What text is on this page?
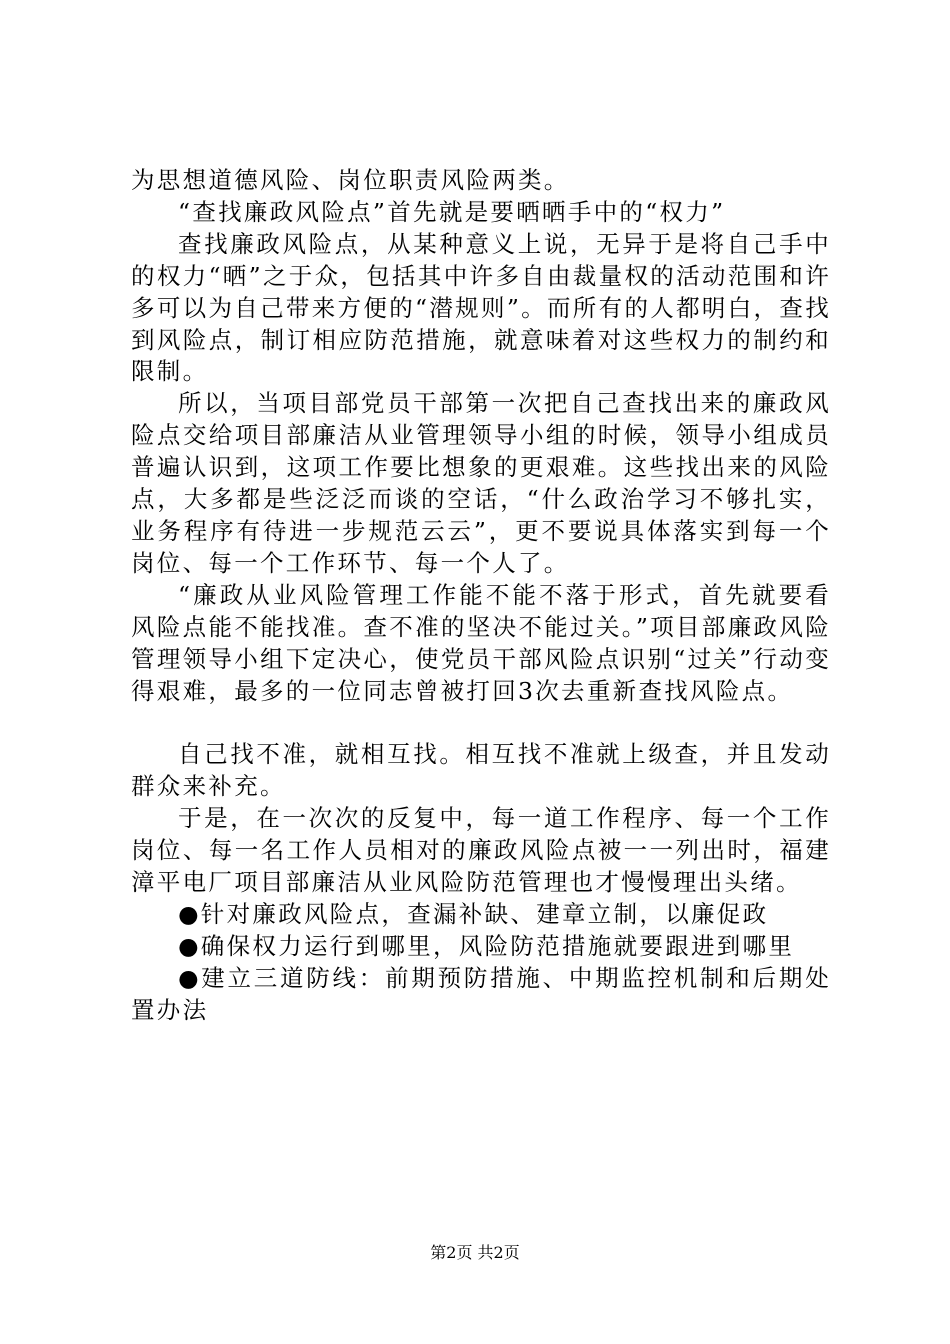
为思想道德风险、岗位职责风险两类。

“查找廉政风险点”首先就是要晒晒手中的“权力”

查找廉政风险点，从某种意义上说，无异于是将自己手中的权力“晒”之于众，包括其中许多自由裁量权的活动范围和许多可以为自己带来方便的“潜规则”。而所有的人都明白，查找到风险点，制订相应防范措施，就意味着对这些权力的制约和限制。

所以，当项目部党员干部第一次把自己查找出来的廉政风险点交给项目部廉洁从业管理领导小组的时候，领导小组成员普遍认识到，这项工作要比想象的更艰难。这些找出来的风险点，大多都是些泛泛而谈的空话，“什么政治学习不够扎实，业务程序有待进一步规范云云”，更不要说具体落实到每一个岗位、每一个工作环节、每一个人了。

“廉政从业风险管理工作能不能不落于形式，首先就要看风险点能不能找准。查不准的坚决不能过关。”项目部廉政风险管理领导小组下定决心，使党员干部风险点识别“过关”行动变得艰难，最多的一位同志曾被打回3次去重新查找风险点。

自己找不准，就相互找。相互找不准就上级查，并且发动群众来补充。

于是，在一次次的反复中，每一道工作程序、每一个工作岗位、每一名工作人员相对的廉政风险点被一一列出时，福建漳平电厂项目部廉洁从业风险防范管理也才慢慢理出头绪。

●针对廉政风险点，查漏补缺、建章立制，以廉促政

●确保权力运行到哪里，风险防范措施就要跟进到哪里

●建立三道防线：前期预防措施、中期监控机制和后期处置办法

第2页 共2页
